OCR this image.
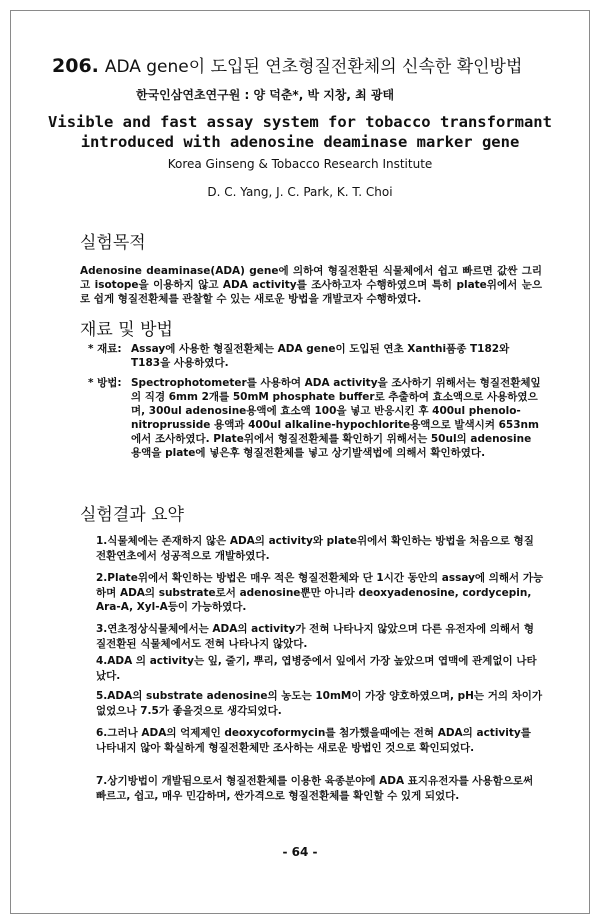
206. ADA gene이 도입된 연초형질전환체의 신속한 확인방법
한국인삼연초연구원 : 양 덕춘*, 박 지창, 최 광태
Visible and fast assay system for tobacco transformant
introduced with adenosine deaminase marker gene
Korea Ginseng & Tobacco Research Institute
D. C. Yang, J. C. Park, K. T. Choi
실험목적
Adenosine deaminase(ADA) gene에 의하여 형질전환된 식물체에서 쉽고 빠르면 값싼 그리고 isotope을 이용하지 않고 ADA activity를 조사하고자 수행하였으며 특히 plate위에서 눈으로 쉽게 형질전환체를 관찰할 수 있는 새로운 방법을 개발코자 수행하였다.
재료 및 방법
* 재료: Assay에 사용한 형질전환체는 ADA gene이 도입된 연초 Xanthi품종 T182와 T183을 사용하였다.
* 방법: Spectrophotometer를 사용하여 ADA activity을 조사하기 위해서는 형질전환체잎의 직경 6mm 2개를 50mM phosphate buffer로 추출하여 효소액으로 사용하였으며, 300ul adenosine용액에 효소액 100을 넣고 반응시킨 후 400ul phenolo-nitroprusside 용액과 400ul alkaline-hypochlorite용액으로 발색시켜 653nm에서 조사하였다. Plate위에서 형질전환체를 확인하기 위해서는 50ul의 adenosine용액을 plate에 넣은후 형질전환체를 넣고 상기발색법에 의해서 확인하였다.
실험결과 요약
1.식물체에는 존재하지 않은 ADA의 activity와 plate위에서 확인하는 방법을 처음으로 형질전환연초에서 성공적으로 개발하였다.
2.Plate위에서 확인하는 방법은 매우 적은 형질전환체와 단 1시간 동안의 assay에 의해서 가능하며 ADA의 substrate로서 adenosine뿐만 아니라 deoxyadenosine, cordycepin, Ara-A, Xyl-A등이 가능하였다.
3.연초정상식물체에서는 ADA의 activity가 전혀 나타나지 않았으며 다른 유전자에 의해서 형질전환된 식물체에서도 전혀 나타나지 않았다.
4.ADA 의 activity는 잎, 줄기, 뿌리, 엽병중에서 잎에서 가장 높았으며 엽맥에 관계없이 나타났다.
5.ADA의 substrate adenosine의 농도는 10mM이 가장 양호하였으며, pH는 거의 차이가 없었으나 7.5가 좋을것으로 생각되었다.
6.그러나 ADA의 억제제인 deoxycoformycin를 첨가했을때에는 전혀 ADA의 activity를 나타내지 않아 확실하게 형질전환체만 조사하는 새로운 방법인 것으로 확인되었다.
7.상기방법이 개발됨으로서 형질전환체를 이용한 육종분야에 ADA 표지유전자를 사용함으로써 빠르고, 쉽고, 매우 민감하며, 싼가격으로 형질전환체를 확인할 수 있게 되었다.
- 64 -
